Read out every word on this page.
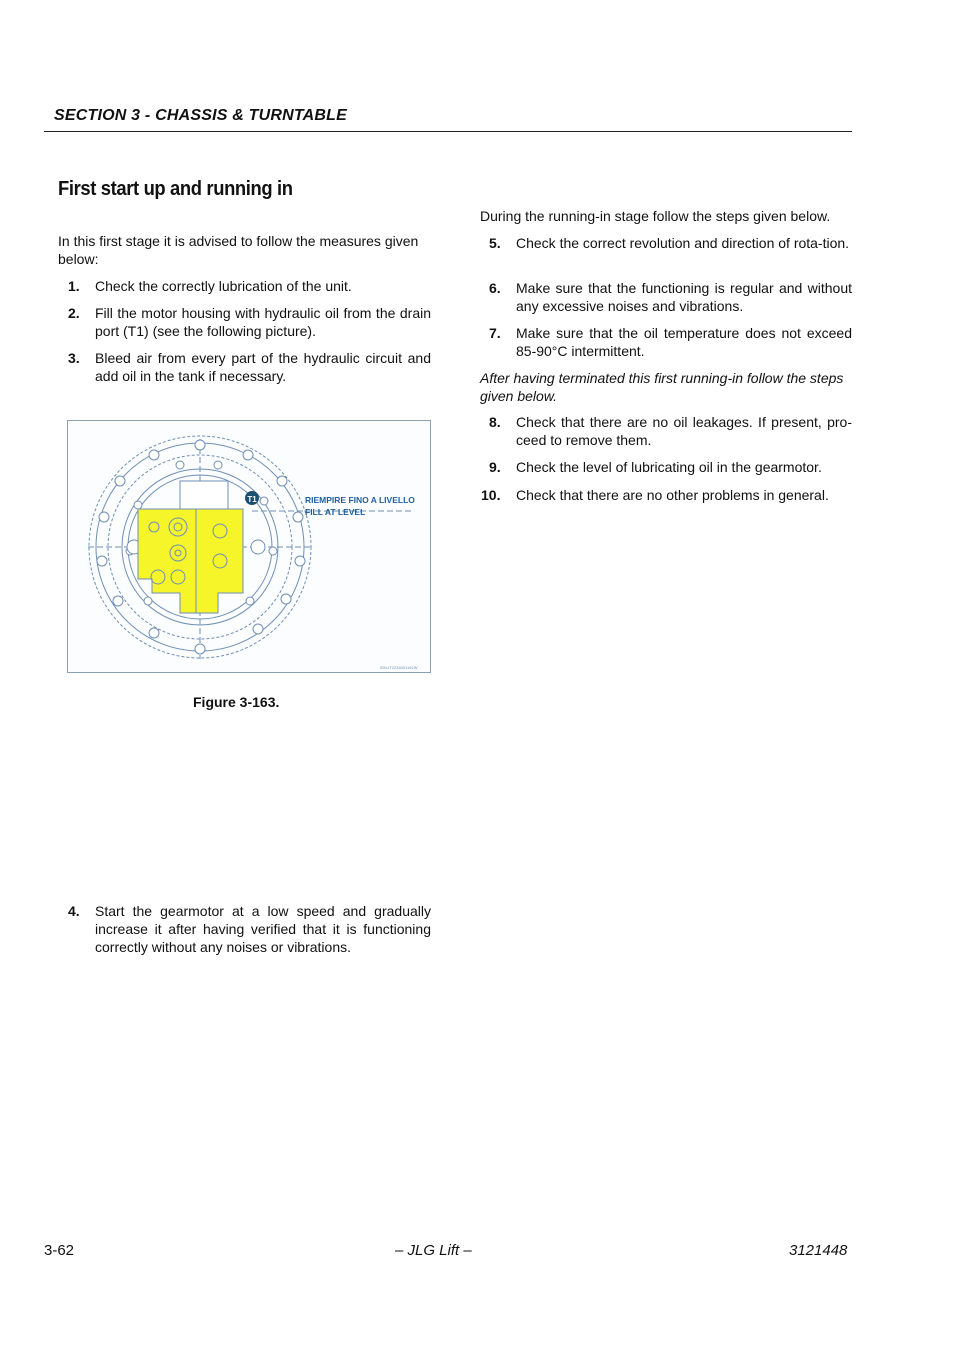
SECTION 3 - CHASSIS & TURNTABLE
First start up and running in
In this first stage it is advised to follow the measures given below:
1. Check the correctly lubrication of the unit.
2. Fill the motor housing with hydraulic oil from the drain port (T1) (see the following picture).
3. Bleed air from every part of the hydraulic circuit and add oil in the tank if necessary.
T1	RIEMPIRE FINO A LIVELLO
FILL AT LEVEL
IDN-IT2234001161W
Figure 3-163.
4. Start the gearmotor at a low speed and gradually increase it after having verified that it is functioning correctly without any noises or vibrations.
During the running-in stage follow the steps given below.
5. Check the correct revolution and direction of rota-tion.
6. Make sure that the functioning is regular and without any excessive noises and vibrations.
7. Make sure that the oil temperature does not exceed 85-90°C intermittent.
After having terminated this first running-in follow the steps given below.
8. Check that there are no oil leakages. If present, pro-ceed to remove them.
9. Check the level of lubricating oil in the gearmotor.
10. Check that there are no other problems in general.
3-62	– JLG Lift –	3121448
